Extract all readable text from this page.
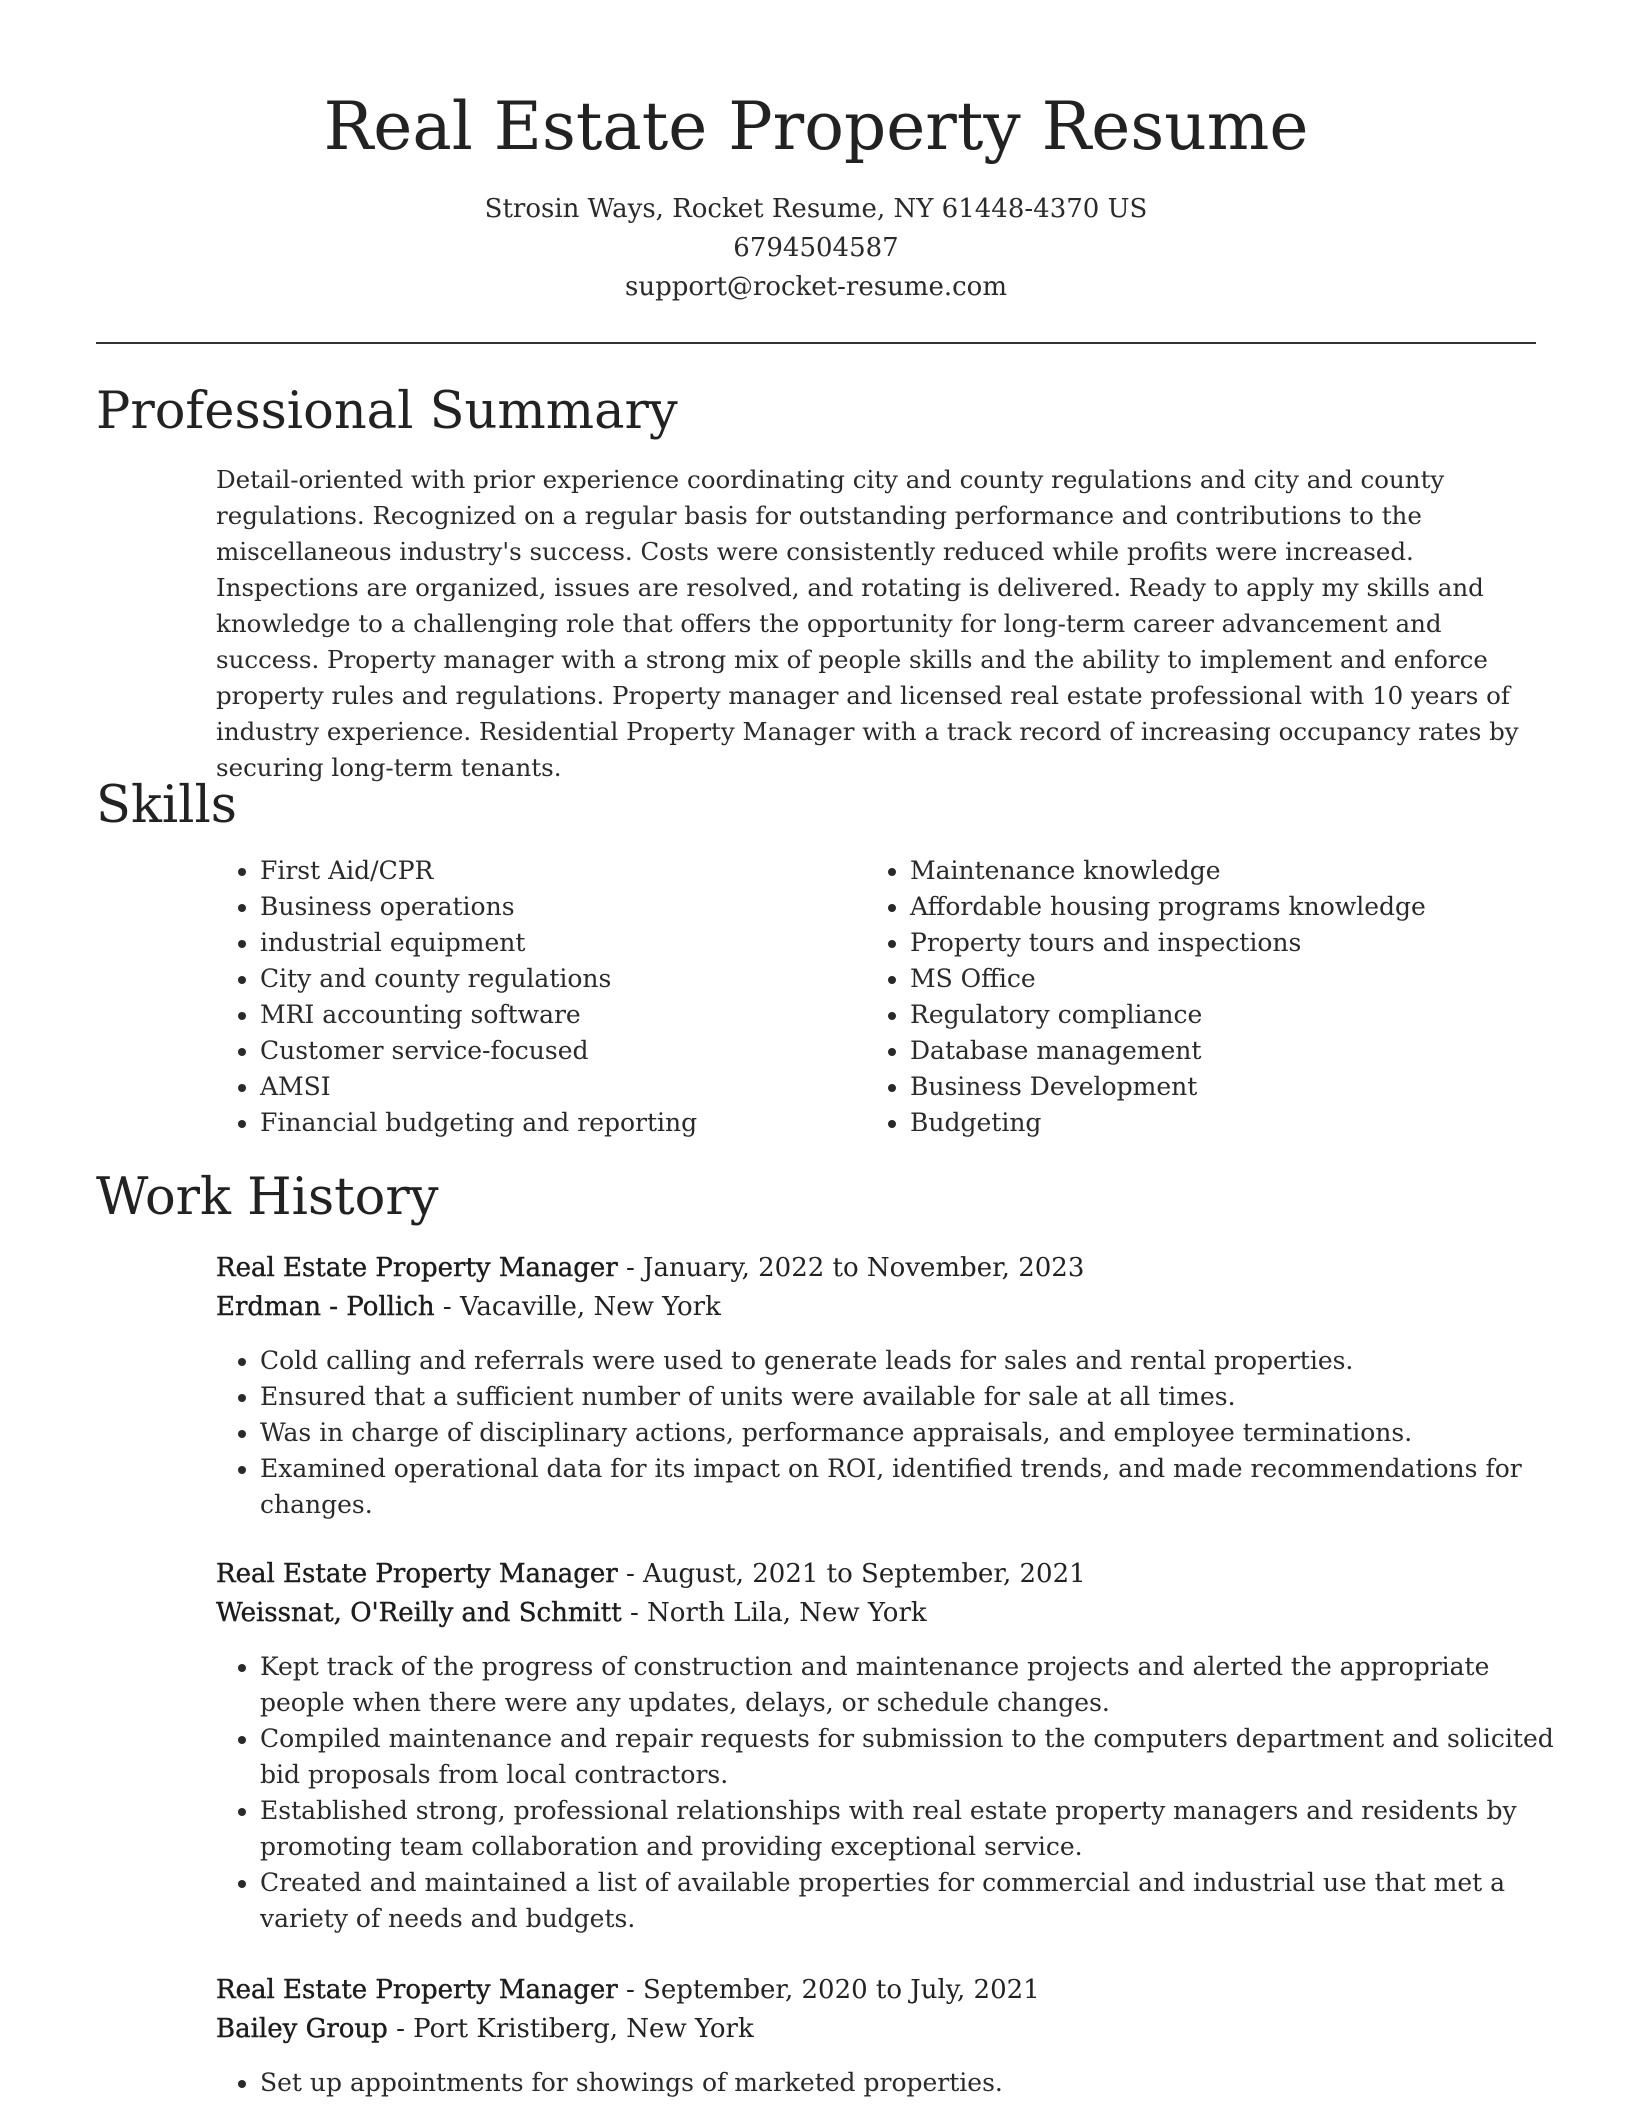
Real Estate Property Resume
Strosin Ways, Rocket Resume, NY 61448-4370 US
6794504587
support@rocket-resume.com
Professional Summary

Detail-oriented with prior experience coordinating city and county regulations and city and county regulations. Recognized on a regular basis for outstanding performance and contributions to the miscellaneous industry's success. Costs were consistently reduced while profits were increased. Inspections are organized, issues are resolved, and rotating is delivered. Ready to apply my skills and knowledge to a challenging role that offers the opportunity for long-term career advancement and success. Property manager with a strong mix of people skills and the ability to implement and enforce property rules and regulations. Property manager and licensed real estate professional with 10 years of industry experience. Residential Property Manager with a track record of increasing occupancy rates by securing long-term tenants.

Skills
• First Aid/CPR
• Business operations
• industrial equipment
• City and county regulations
• MRI accounting software
• Customer service-focused
• AMSI
• Financial budgeting and reporting
• Maintenance knowledge
• Affordable housing programs knowledge
• Property tours and inspections
• MS Office
• Regulatory compliance
• Database management
• Business Development
• Budgeting
Work History
Real Estate Property Manager - January, 2022 to November, 2023
Erdman - Pollich - Vacaville, New York
• Cold calling and referrals were used to generate leads for sales and rental properties.
• Ensured that a sufficient number of units were available for sale at all times.
• Was in charge of disciplinary actions, performance appraisals, and employee terminations.
• Examined operational data for its impact on ROI, identified trends, and made recommendations for changes.
Real Estate Property Manager - August, 2021 to September, 2021
Weissnat, O'Reilly and Schmitt - North Lila, New York
• Kept track of the progress of construction and maintenance projects and alerted the appropriate people when there were any updates, delays, or schedule changes.
• Compiled maintenance and repair requests for submission to the computers department and solicited bid proposals from local contractors.
• Established strong, professional relationships with real estate property managers and residents by promoting team collaboration and providing exceptional service.
• Created and maintained a list of available properties for commercial and industrial use that met a variety of needs and budgets.
Real Estate Property Manager - September, 2020 to July, 2021
Bailey Group - Port Kristiberg, New York
• Set up appointments for showings of marketed properties.
